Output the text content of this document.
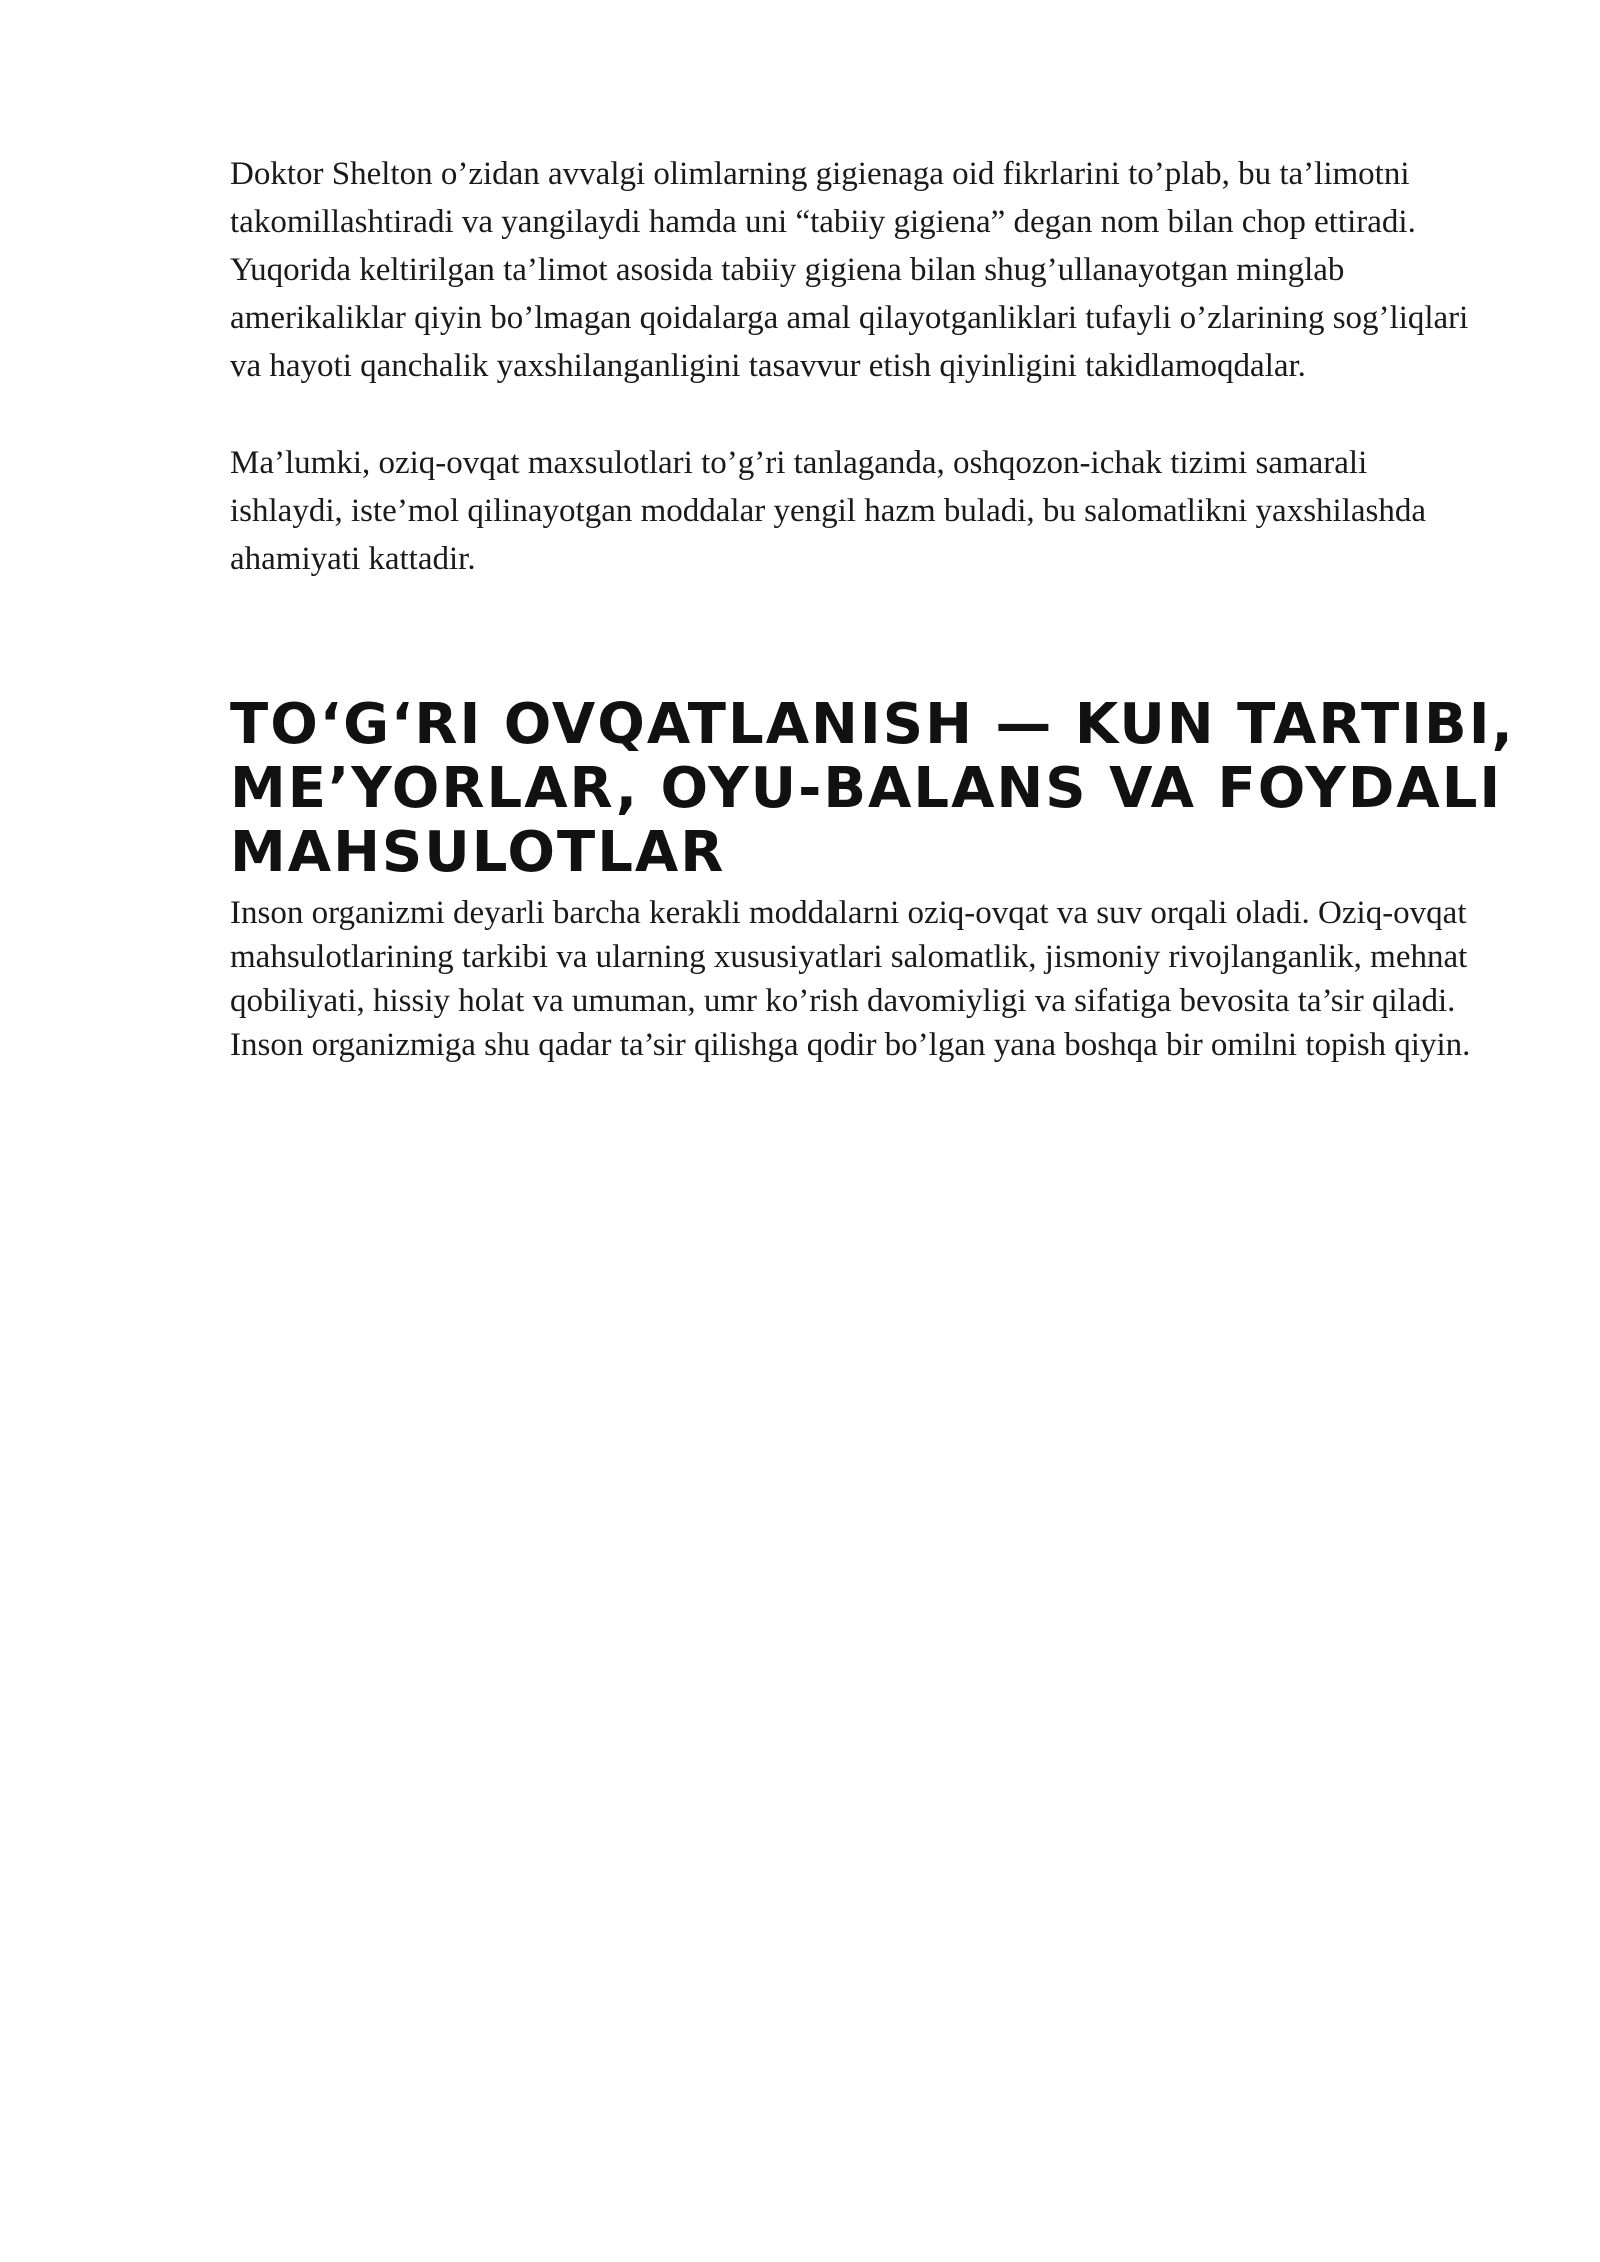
Doktor Shelton o’zidan avvalgi olimlarning gigienaga oid fikrlarini to’plab, bu ta’limotni takomillashtiradi va yangilaydi hamda uni “tabiiy gigiena” degan nom bilan chop ettiradi. Yuqorida keltirilgan ta’limot asosida tabiiy gigiena bilan shug’ullanayotgan minglab amerikaliklar qiyin bo’lmagan qoidalarga amal qilayotganliklari tufayli o’zlarining sog’liqlari va hayoti qanchalik yaxshilanganligini tasavvur etish qiyinligini takidlamoqdalar.

Ma’lumki, oziq-ovqat maxsulotlari to’g’ri tanlaganda, oshqozon-ichak tizimi samarali ishlaydi, iste’mol qilinayotgan moddalar yengil hazm buladi, bu salomatlikni yaxshilashda ahamiyati kattadir.

TO‘G‘RI OVQATLANISH — KUN TARTIBI, ME’YORLAR, OYU-BALANS VA FOYDALI MAHSULOTLAR

Inson organizmi deyarli barcha kerakli moddalarni oziq-ovqat va suv orqali oladi. Oziq-ovqat mahsulotlarining tarkibi va ularning xususiyatlari salomatlik, jismoniy rivojlanganlik, mehnat qobiliyati, hissiy holat va umuman, umr ko’rish davomiyligi va sifatiga bevosita ta’sir qiladi. Inson organizmiga shu qadar ta’sir qilishga qodir bo’lgan yana boshqa bir omilni topish qiyin.
